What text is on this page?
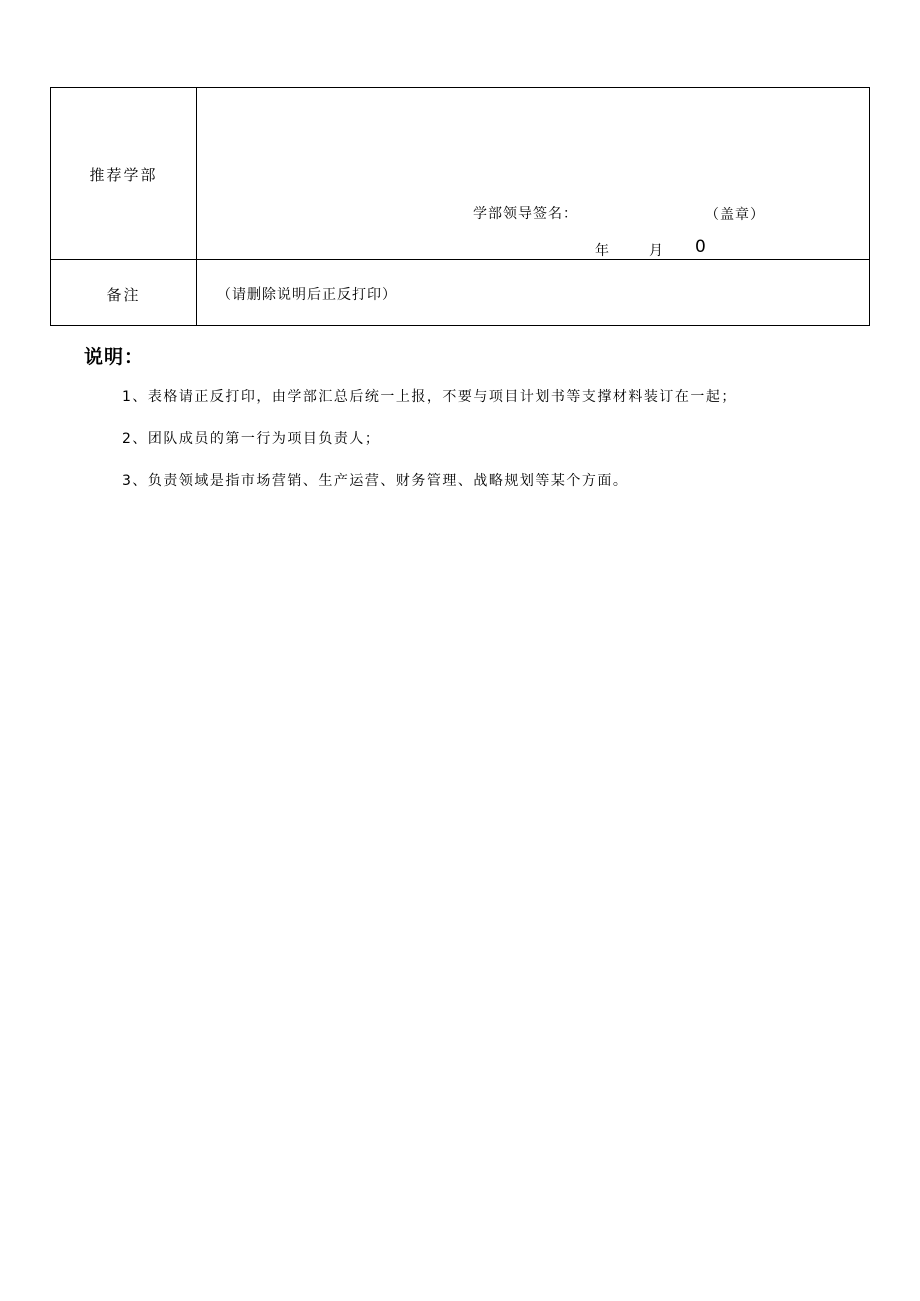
推荐学部	学部领导签名： （盖章）
年 月 0

备注	（请删除说明后正反打印）
说明：
1、表格请正反打印，由学部汇总后统一上报，不要与项目计划书等支撑材料装订在一起；
2、团队成员的第一行为项目负责人；
3、负责领域是指市场营销、生产运营、财务管理、战略规划等某个方面。
